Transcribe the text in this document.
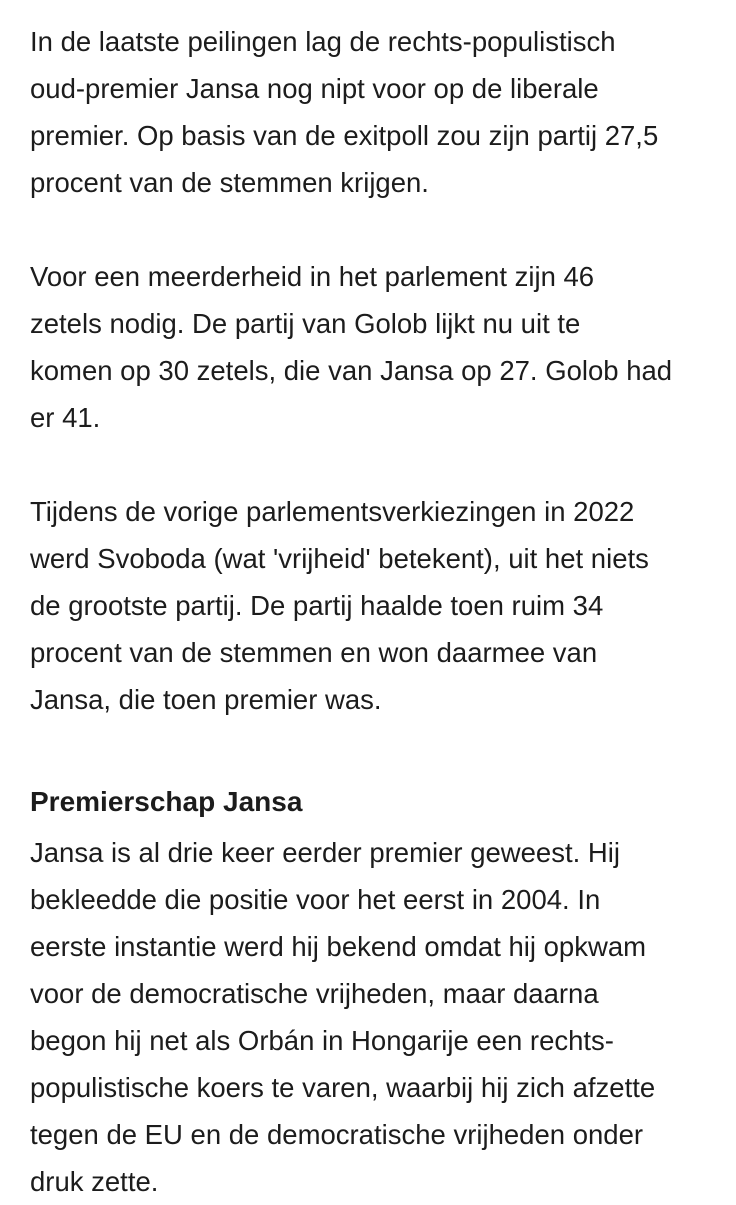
In de laatste peilingen lag de rechts-populistisch
oud-premier Jansa nog nipt voor op de liberale
premier. Op basis van de exitpoll zou zijn partij 27,5
procent van de stemmen krijgen.

Voor een meerderheid in het parlement zijn 46
zetels nodig. De partij van Golob lijkt nu uit te
komen op 30 zetels, die van Jansa op 27. Golob had
er 41.

Tijdens de vorige parlementsverkiezingen in 2022
werd Svoboda (wat 'vrijheid' betekent), uit het niets
de grootste partij. De partij haalde toen ruim 34
procent van de stemmen en won daarmee van
Jansa, die toen premier was.

Premierschap Jansa

Jansa is al drie keer eerder premier geweest. Hij
bekleedde die positie voor het eerst in 2004. In
eerste instantie werd hij bekend omdat hij opkwam
voor de democratische vrijheden, maar daarna
begon hij net als Orbán in Hongarije een rechts-
populistische koers te varen, waarbij hij zich afzette
tegen de EU en de democratische vrijheden onder
druk zette.
